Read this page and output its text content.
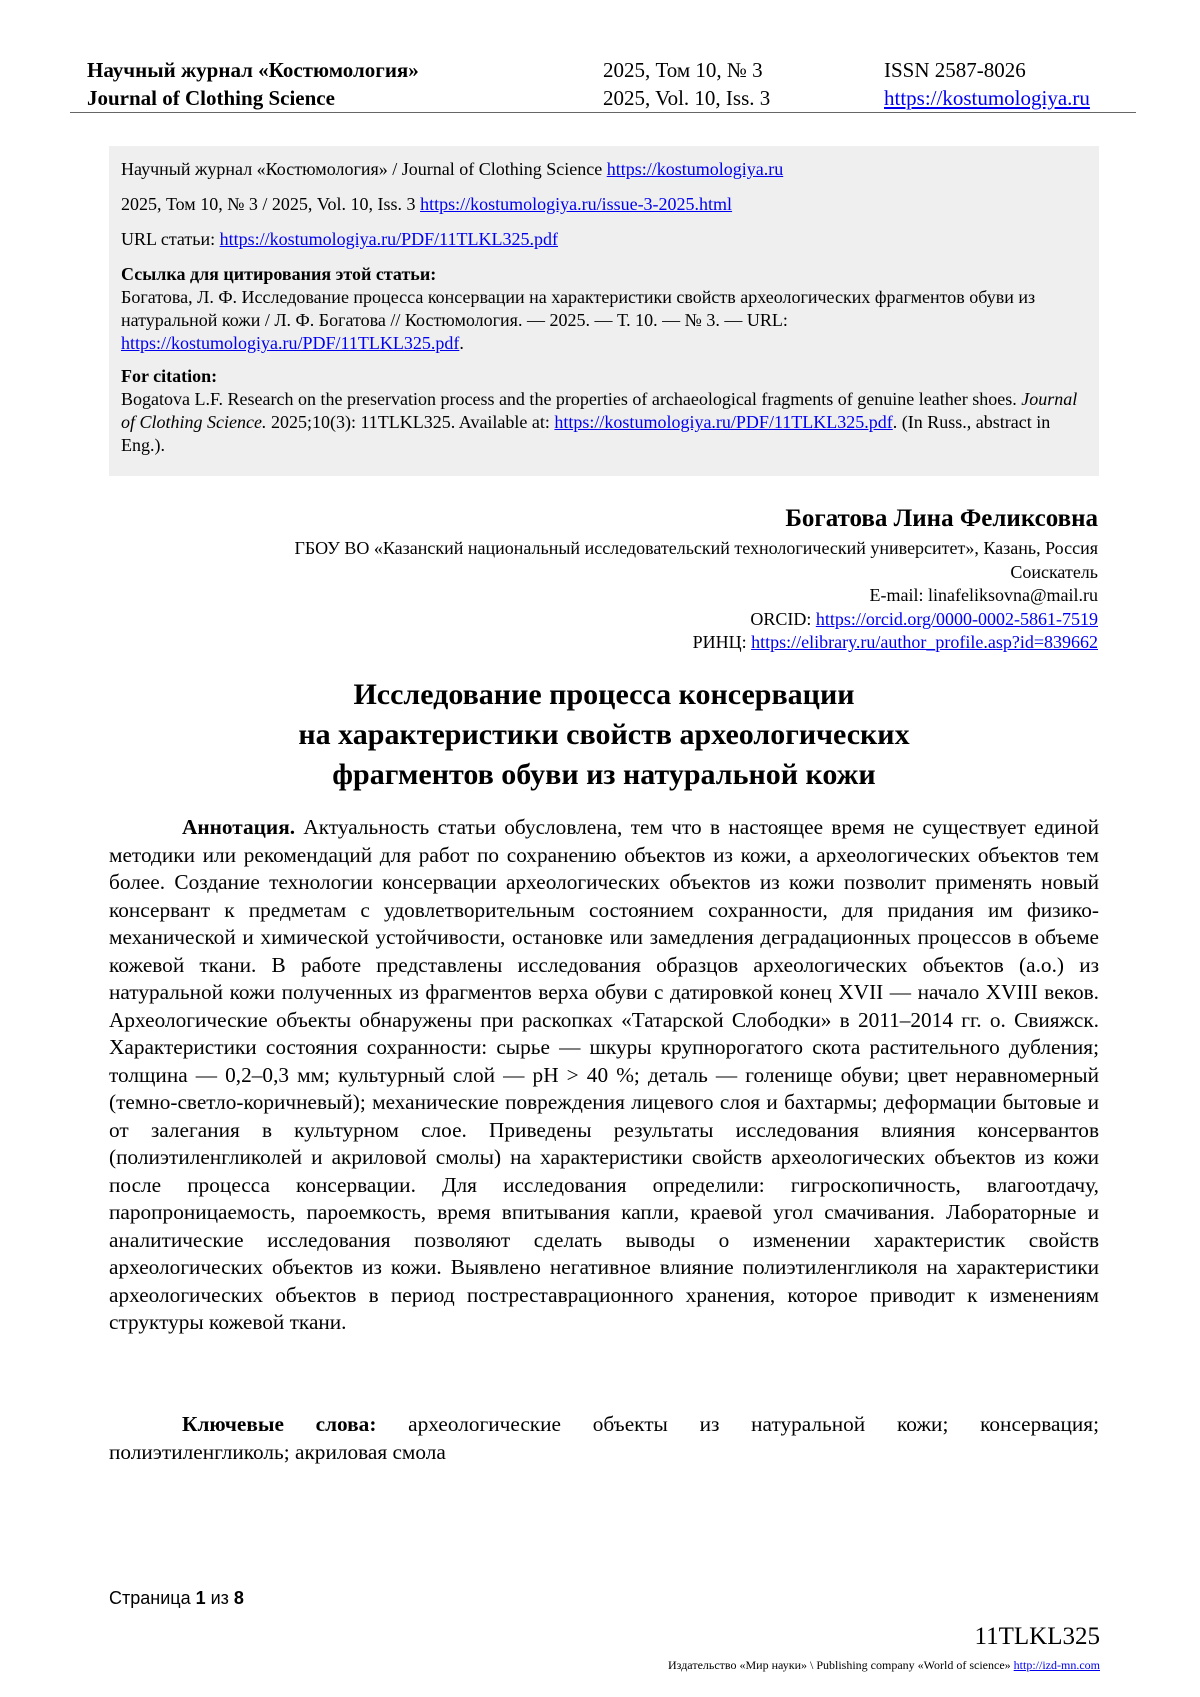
Научный журнал «Костюмология»
Journal of Clothing Science
2025, Том 10, № 3
2025, Vol. 10, Iss. 3
ISSN 2587-8026
https://kostumologiya.ru

Научный журнал «Костюмология» / Journal of Clothing Science https://kostumologiya.ru

2025, Том 10, № 3 / 2025, Vol. 10, Iss. 3 https://kostumologiya.ru/issue-3-2025.html

URL статьи: https://kostumologiya.ru/PDF/11TLKL325.pdf

Ссылка для цитирования этой статьи:
Богатова, Л. Ф. Исследование процесса консервации на характеристики свойств археологических фрагментов обуви из натуральной кожи / Л. Ф. Богатова // Костюмология. — 2025. — Т. 10. — № 3. — URL: https://kostumologiya.ru/PDF/11TLKL325.pdf.

For citation:
Bogatova L.F. Research on the preservation process and the properties of archaeological fragments of genuine leather shoes. Journal of Clothing Science. 2025;10(3): 11TLKL325. Available at: https://kostumologiya.ru/PDF/11TLKL325.pdf. (In Russ., abstract in Eng.).

Богатова Лина Феликсовна
ГБОУ ВО «Казанский национальный исследовательский технологический университет», Казань, Россия
Соискатель
E-mail: linafeliksovna@mail.ru
ORCID: https://orcid.org/0000-0002-5861-7519
РИНЦ: https://elibrary.ru/author_profile.asp?id=839662
Исследование процесса консервации
на характеристики свойств археологических
фрагментов обуви из натуральной кожи

Аннотация. Актуальность статьи обусловлена, тем что в настоящее время не существует единой методики или рекомендаций для работ по сохранению объектов из кожи, а археологических объектов тем более. Создание технологии консервации археологических объектов из кожи позволит применять новый консервант к предметам с удовлетворительным состоянием сохранности, для придания им физико-механической и химической устойчивости, остановке или замедления деградационных процессов в объеме кожевой ткани. В работе представлены исследования образцов археологических объектов (а.о.) из натуральной кожи полученных из фрагментов верха обуви с датировкой конец XVII — начало XVIII веков. Археологические объекты обнаружены при раскопках «Татарской Слободки» в 2011–2014 гг. о. Свияжск. Характеристики состояния сохранности: сырье — шкуры крупнорогатого скота растительного дубления; толщина — 0,2–0,3 мм; культурный слой — pH > 40 %; деталь — голенище обуви; цвет неравномерный (темно-светло-коричневый); механические повреждения лицевого слоя и бахтармы; деформации бытовые и от залегания в культурном слое. Приведены результаты исследования влияния консервантов (полиэтиленгликолей и акриловой смолы) на характеристики свойств археологических объектов из кожи после процесса консервации. Для исследования определили: гигроскопичность, влагоотдачу, паропроницаемость, пароемкость, время впитывания капли, краевой угол смачивания. Лабораторные и аналитические исследования позволяют сделать выводы о изменении характеристик свойств археологических объектов из кожи. Выявлено негативное влияние полиэтиленгликоля на характеристики археологических объектов в период постреставрационного хранения, которое приводит к изменениям структуры кожевой ткани.

Ключевые слова: археологические объекты из натуральной кожи; консервация; полиэтиленгликоль; акриловая смола

Страница 1 из 8
11TLKL325
Издательство «Мир науки» \ Publishing company «World of science» http://izd-mn.com
